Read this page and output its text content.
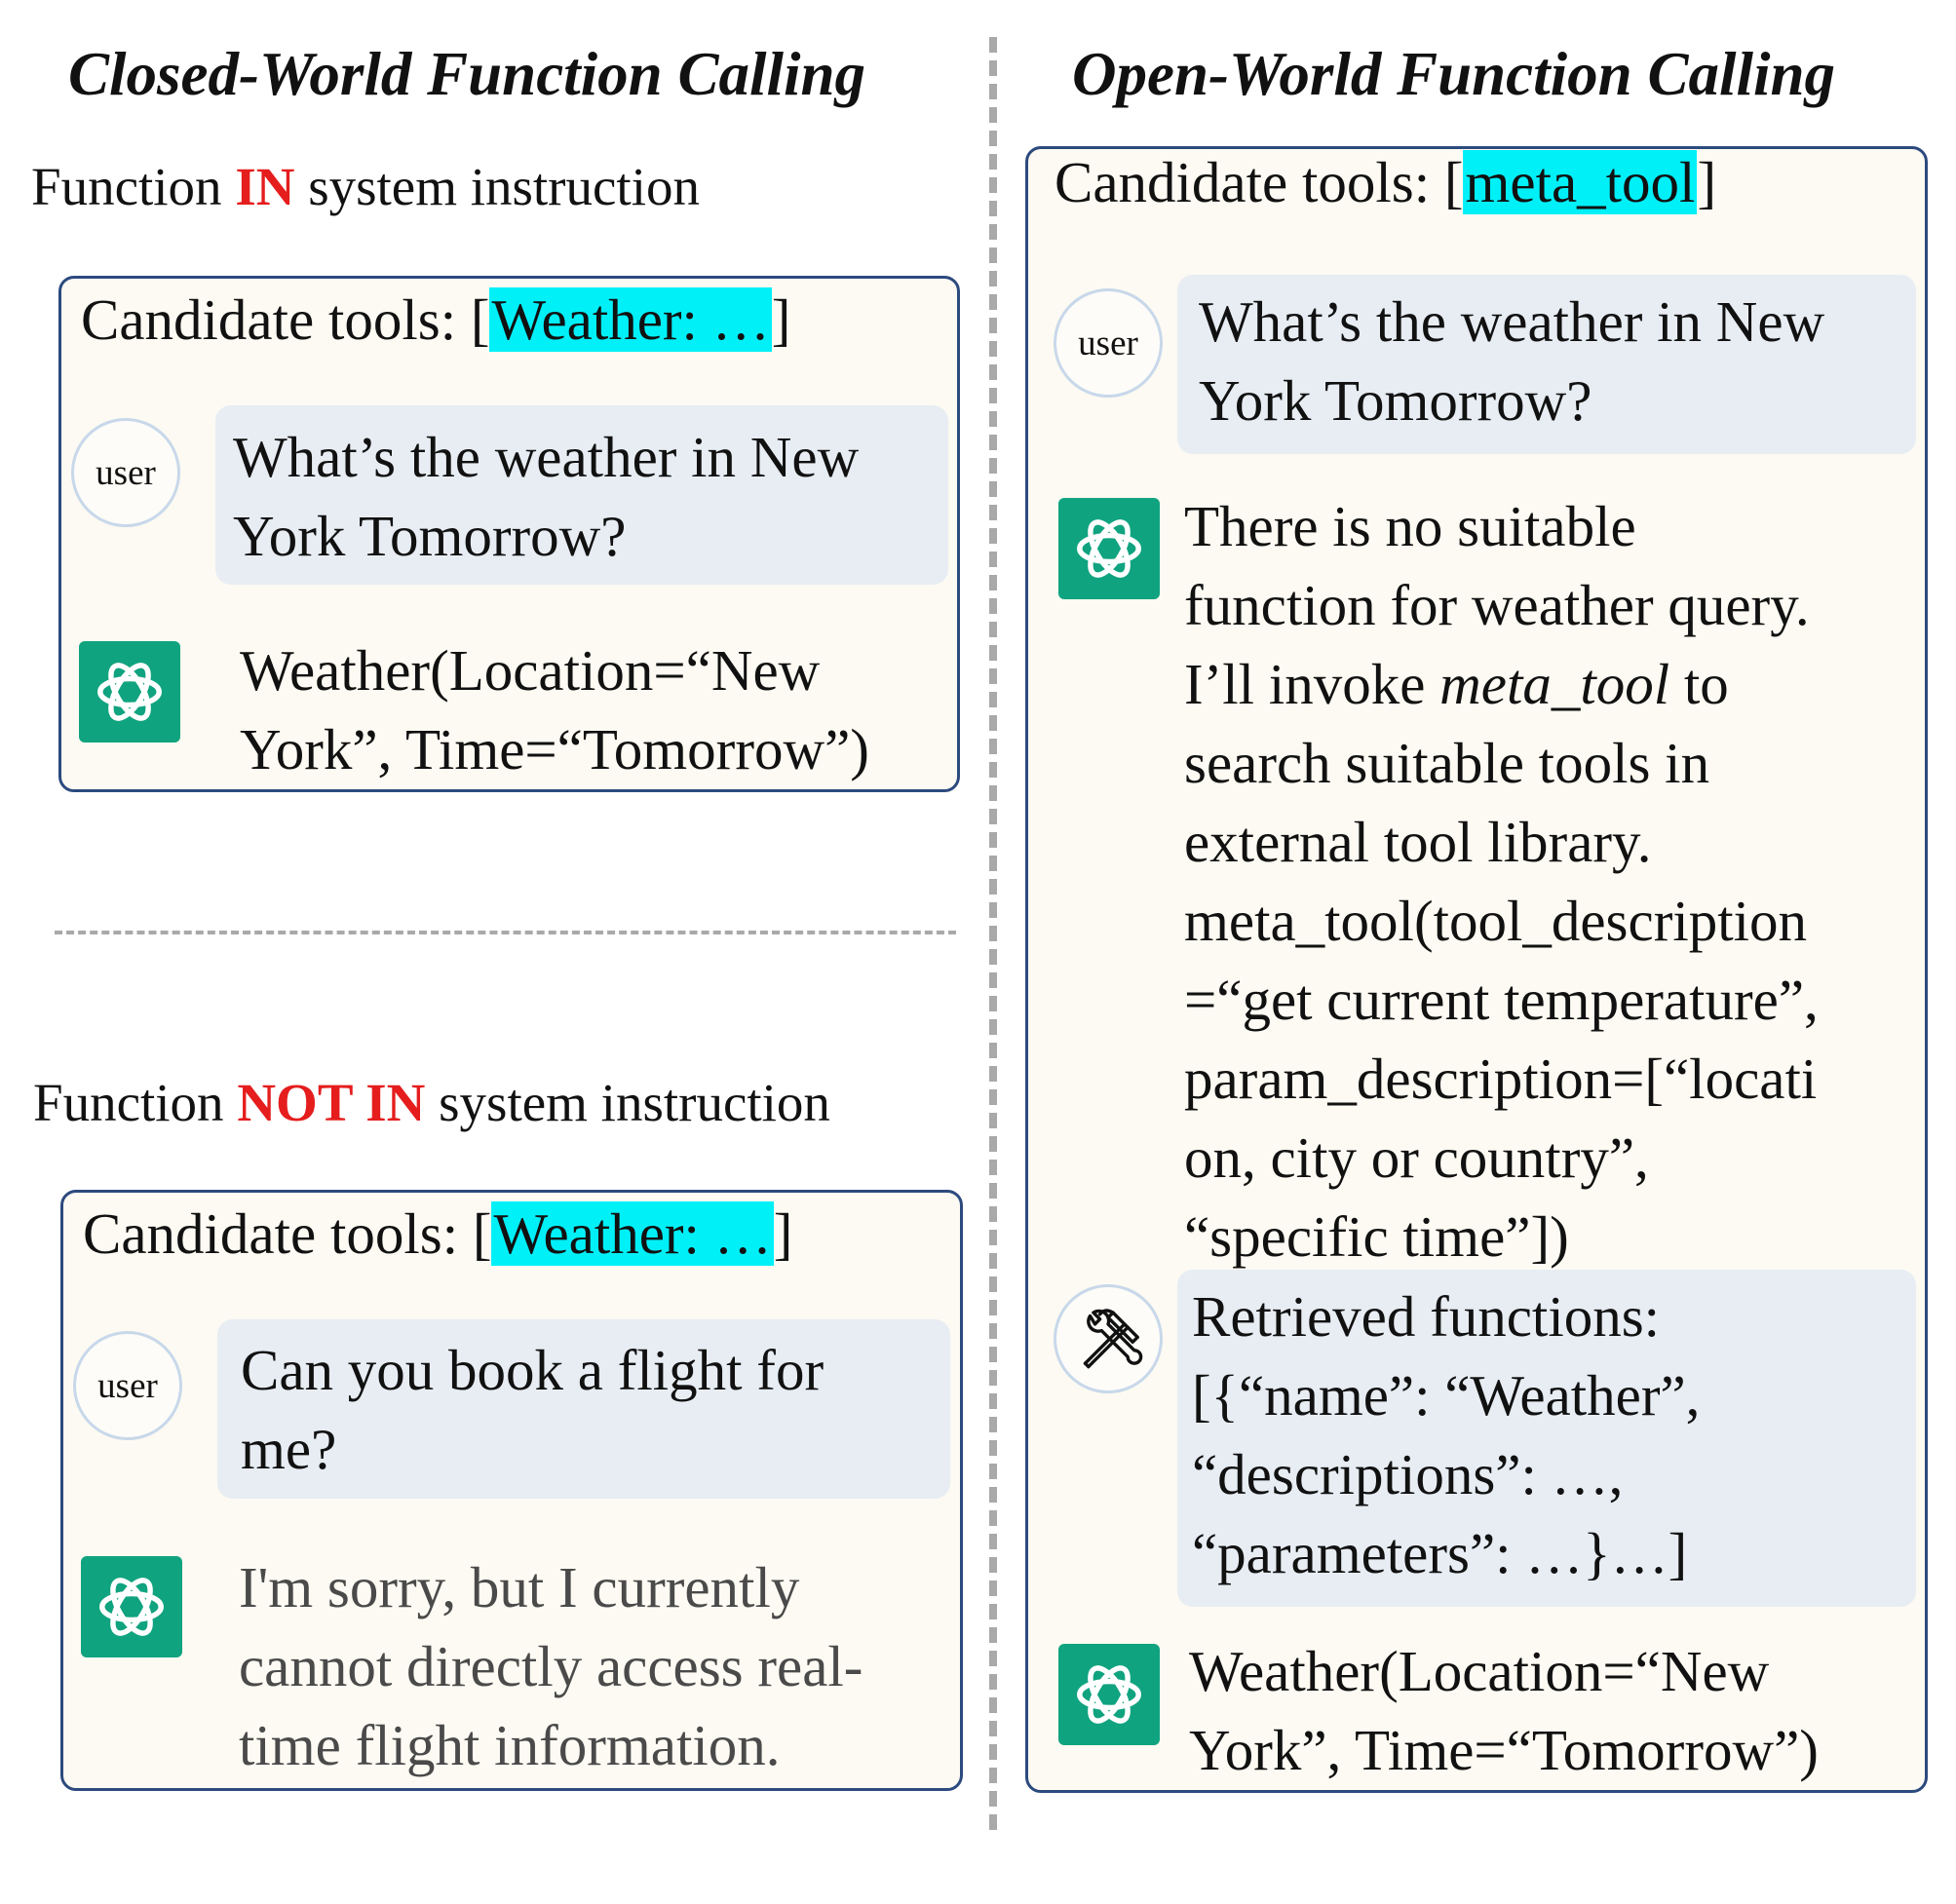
Closed-World Function Calling	Open-World Function Calling
Function IN system instruction
Function NOT IN system instruction
Candidate tools: [Weather: …]
user	What’s the weather in New
York Tomorrow?
Weather(Location=“New
York”, Time=“Tomorrow”)
Candidate tools: [Weather: …]
user	Can you book a flight for
me?
I'm sorry, but I currently
cannot directly access real-
time flight information.
Candidate tools: [meta_tool]
user	What’s the weather in New
York Tomorrow?
There is no suitable
function for weather query.
I’ll invoke meta_tool to
search suitable tools in
external tool library.
meta_tool(tool_description
=“get current temperature”,
param_description=[“locati
on, city or country”,
“specific time”])
Retrieved functions:
[{“name”: “Weather”,
“descriptions”: …,
“parameters”: …}…]
Weather(Location=“New
York”, Time=“Tomorrow”)
